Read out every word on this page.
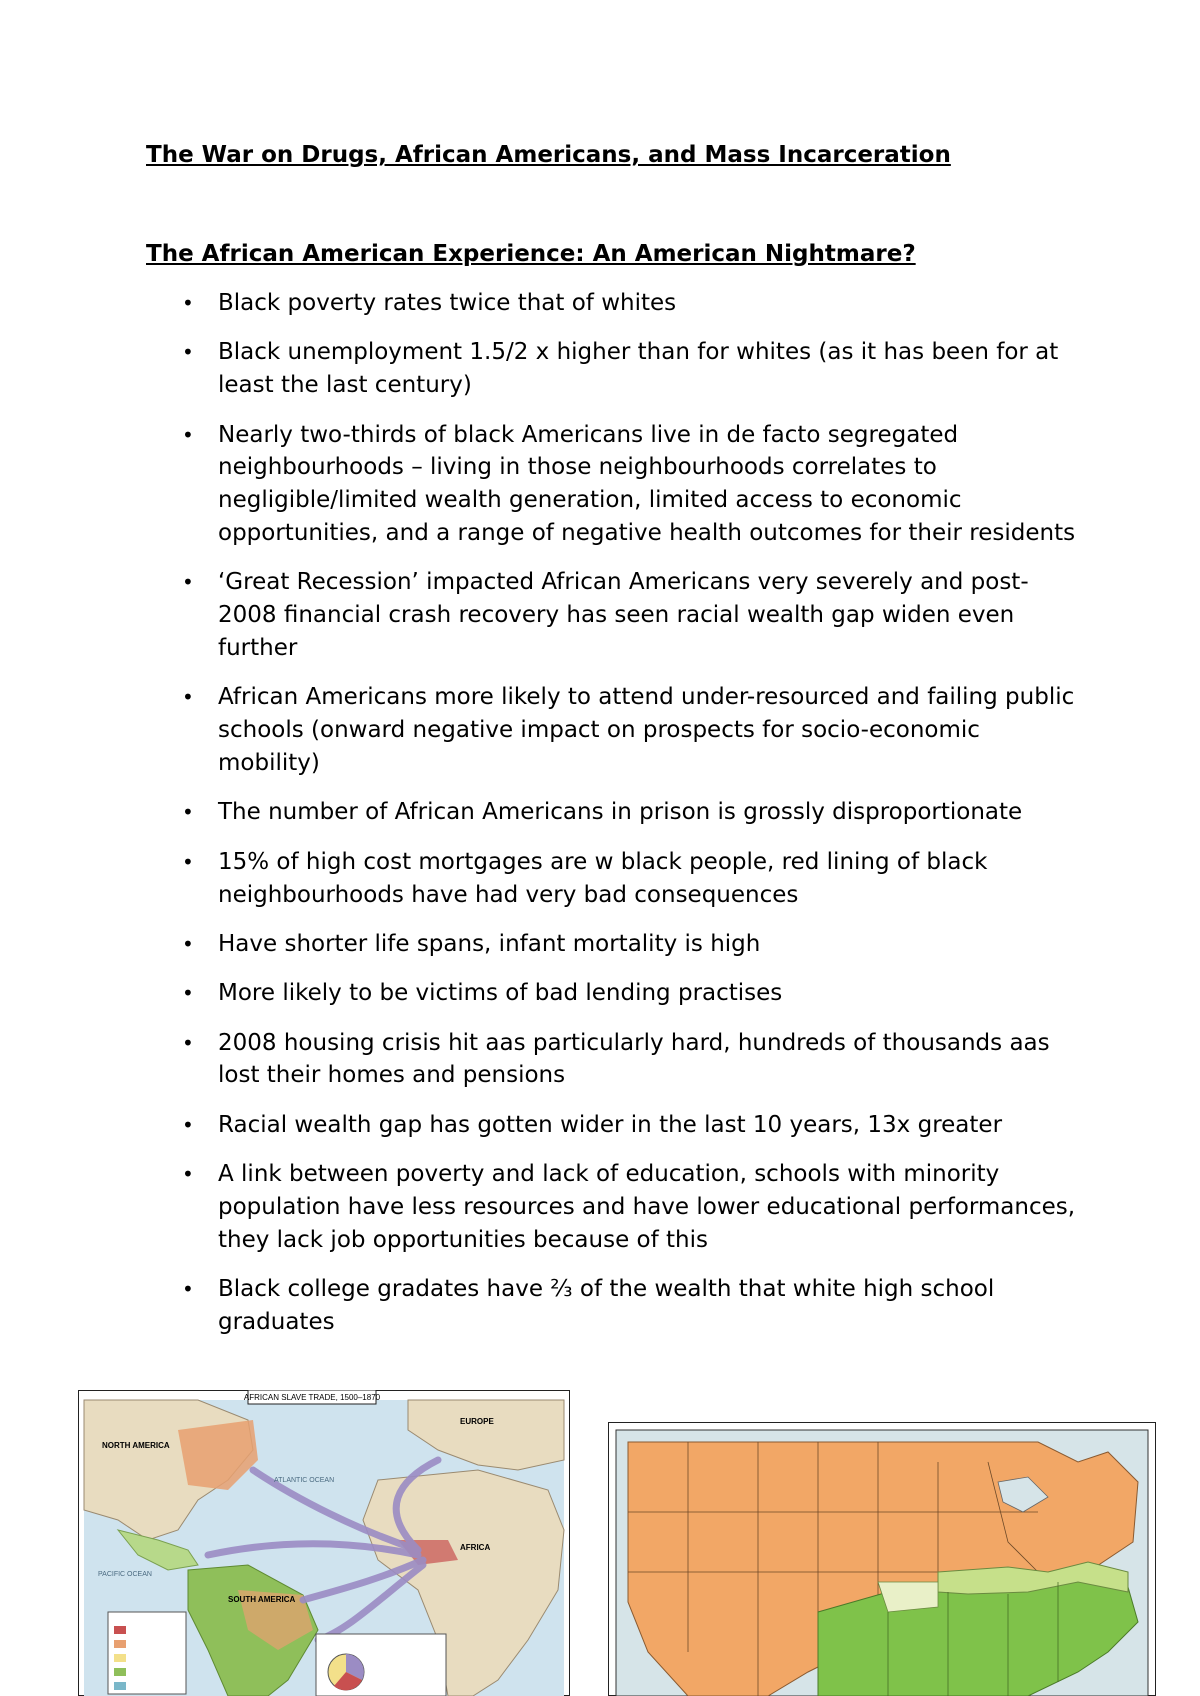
The War on Drugs, African Americans, and Mass Incarceration
The African American Experience: An American Nightmare?
• Black poverty rates twice that of whites
• Black unemployment 1.5/2 x higher than for whites (as it has been for at least the last century)
• Nearly two-thirds of black Americans live in de facto segregated neighbourhoods – living in those neighbourhoods correlates to negligible/limited wealth generation, limited access to economic opportunities, and a range of negative health outcomes for their residents
• ‘Great Recession’ impacted African Americans very severely and post-2008 financial crash recovery has seen racial wealth gap widen even further
• African Americans more likely to attend under-resourced and failing public schools (onward negative impact on prospects for socio-economic mobility)
• The number of African Americans in prison is grossly disproportionate
• 15% of high cost mortgages are w black people, red lining of black neighbourhoods have had very bad consequences
• Have shorter life spans, infant mortality is high
• More likely to be victims of bad lending practises
• 2008 housing crisis hit aas particularly hard, hundreds of thousands aas lost their homes and pensions
• Racial wealth gap has gotten wider in the last 10 years, 13x greater
• A link between poverty and lack of education, schools with minority population have less resources and have lower educational performances, they lack job opportunities because of this
• Black college gradates have ⅔ of the wealth that white high school graduates
AFRICAN SLAVE TRADE, 1500–1870
NORTH AMERICA
EUROPE
ATLANTIC OCEAN
AFRICA
SOUTH AMERICA
PACIFIC OCEAN
